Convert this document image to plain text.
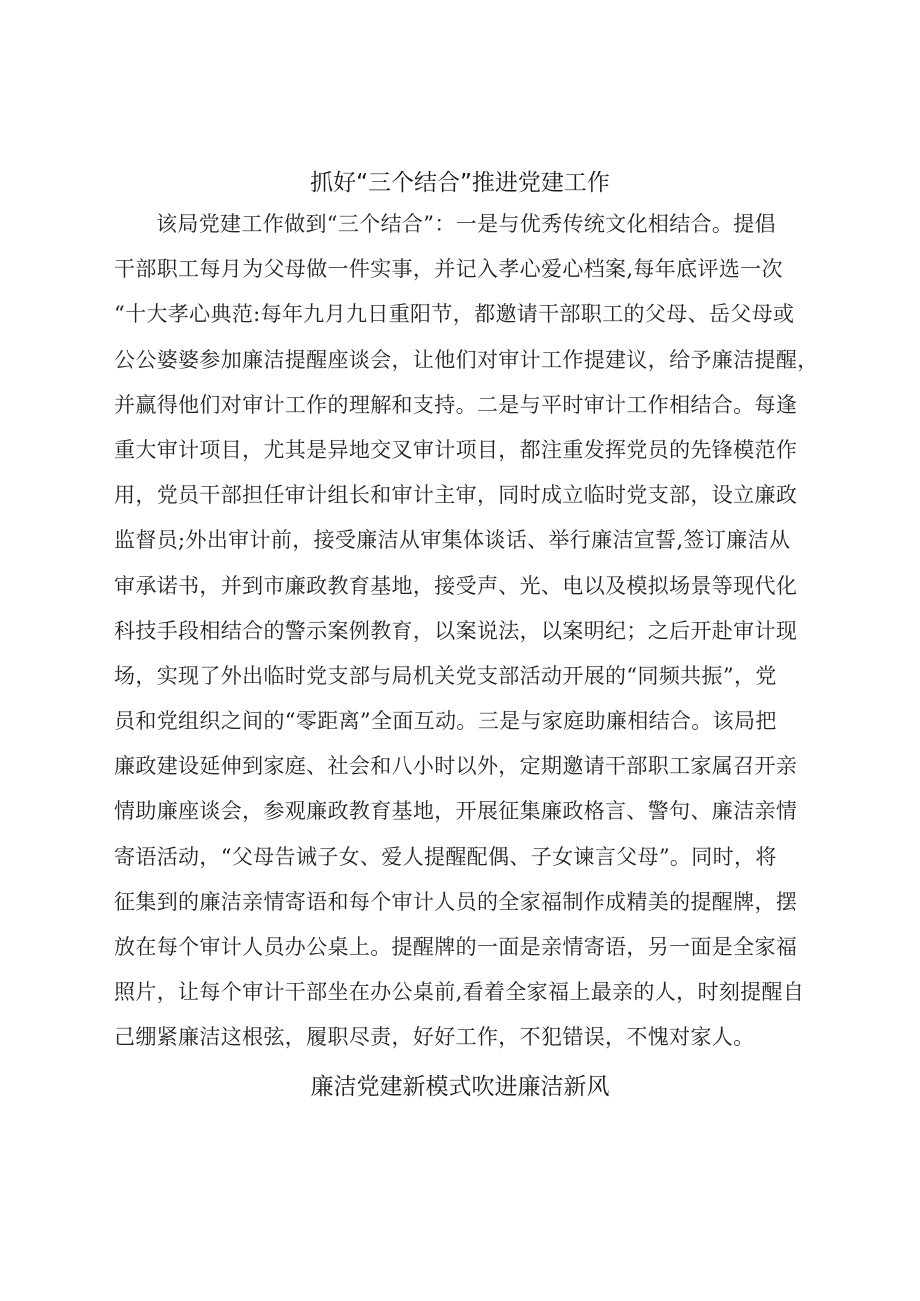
抓好“三个结合”推进党建工作
该局党建工作做到“三个结合”：一是与优秀传统文化相结合。提倡
干部职工每月为父母做一件实事，并记入孝心爱心档案,每年底评选一次
“十大孝心典范:每年九月九日重阳节，都邀请干部职工的父母、岳父母或
公公婆婆参加廉洁提醒座谈会，让他们对审计工作提建议，给予廉洁提醒，
并赢得他们对审计工作的理解和支持。二是与平时审计工作相结合。每逢
重大审计项目，尤其是异地交叉审计项目，都注重发挥党员的先锋模范作
用，党员干部担任审计组长和审计主审，同时成立临时党支部，设立廉政
监督员;外出审计前，接受廉洁从审集体谈话、举行廉洁宣誓,签订廉洁从
审承诺书，并到市廉政教育基地，接受声、光、电以及模拟场景等现代化
科技手段相结合的警示案例教育，以案说法，以案明纪；之后开赴审计现
场，实现了外出临时党支部与局机关党支部活动开展的“同频共振”，党
员和党组织之间的“零距离”全面互动。三是与家庭助廉相结合。该局把
廉政建设延伸到家庭、社会和八小时以外，定期邀请干部职工家属召开亲
情助廉座谈会，参观廉政教育基地，开展征集廉政格言、警句、廉洁亲情
寄语活动，“父母告诫子女、爱人提醒配偶、子女谏言父母”。同时，将
征集到的廉洁亲情寄语和每个审计人员的全家福制作成精美的提醒牌，摆
放在每个审计人员办公桌上。提醒牌的一面是亲情寄语，另一面是全家福
照片，让每个审计干部坐在办公桌前,看着全家福上最亲的人，时刻提醒自
己绷紧廉洁这根弦，履职尽责，好好工作，不犯错误，不愧对家人。
廉洁党建新模式吹进廉洁新风
